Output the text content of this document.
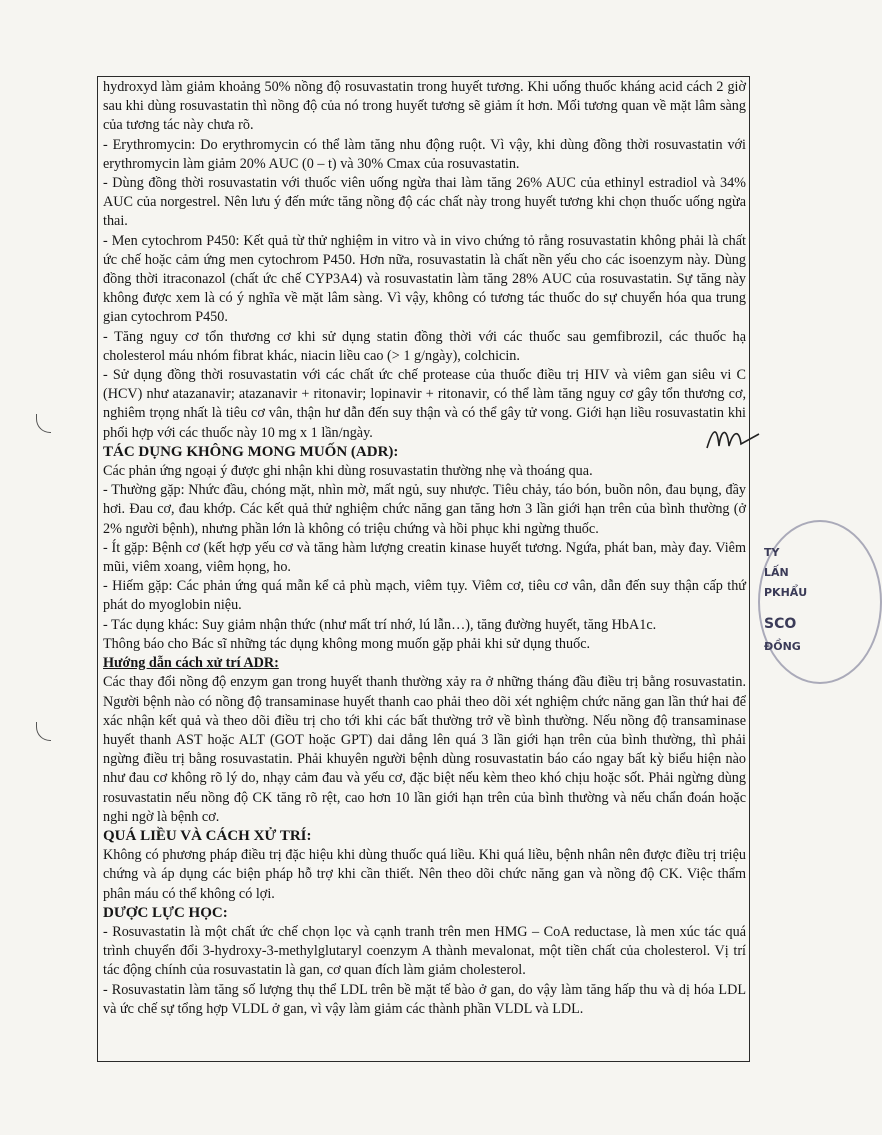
TY
LẤN
PKHẨU
SCO
ĐỒNG

hydroxyd làm giảm khoảng 50% nồng độ rosuvastatin trong huyết tương. Khi uống thuốc kháng acid cách 2 giờ sau khi dùng rosuvastatin thì nồng độ của nó trong huyết tương sẽ giảm ít hơn. Mối tương quan về mặt lâm sàng của tương tác này chưa rõ.

- Erythromycin: Do erythromycin có thể làm tăng nhu động ruột. Vì vậy, khi dùng đồng thời rosuvastatin với erythromycin làm giảm 20% AUC (0 – t) và 30% Cmax của rosuvastatin.

- Dùng đồng thời rosuvastatin với thuốc viên uống ngừa thai làm tăng 26% AUC của ethinyl estradiol và 34% AUC của norgestrel. Nên lưu ý đến mức tăng nồng độ các chất này trong huyết tương khi chọn thuốc uống ngừa thai.

- Men cytochrom P450: Kết quả từ thử nghiệm in vitro và in vivo chứng tỏ rằng rosuvastatin không phải là chất ức chế hoặc cảm ứng men cytochrom P450. Hơn nữa, rosuvastatin là chất nền yếu cho các isoenzym này. Dùng đồng thời itraconazol (chất ức chế CYP3A4) và rosuvastatin làm tăng 28% AUC của rosuvastatin. Sự tăng này không được xem là có ý nghĩa về mặt lâm sàng. Vì vậy, không có tương tác thuốc do sự chuyển hóa qua trung gian cytochrom P450.

- Tăng nguy cơ tổn thương cơ khi sử dụng statin đồng thời với các thuốc sau gemfibrozil, các thuốc hạ cholesterol máu nhóm fibrat khác, niacin liều cao (> 1 g/ngày), colchicin.

- Sử dụng đồng thời rosuvastatin với các chất ức chế protease của thuốc điều trị HIV và viêm gan siêu vi C (HCV) như atazanavir; atazanavir + ritonavir; lopinavir + ritonavir, có thể làm tăng nguy cơ gây tổn thương cơ, nghiêm trọng nhất là tiêu cơ vân, thận hư dẫn đến suy thận và có thể gây tử vong. Giới hạn liều rosuvastatin khi phối hợp với các thuốc này 10 mg x 1 lần/ngày.

TÁC DỤNG KHÔNG MONG MUỐN (ADR):

Các phản ứng ngoại ý được ghi nhận khi dùng rosuvastatin thường nhẹ và thoáng qua.

- Thường gặp: Nhức đầu, chóng mặt, nhìn mờ, mất ngủ, suy nhược. Tiêu chảy, táo bón, buồn nôn, đau bụng, đầy hơi. Đau cơ, đau khớp. Các kết quả thử nghiệm chức năng gan tăng hơn 3 lần giới hạn trên của bình thường (ở 2% người bệnh), nhưng phần lớn là không có triệu chứng và hồi phục khi ngừng thuốc.

- Ít gặp: Bệnh cơ (kết hợp yếu cơ và tăng hàm lượng creatin kinase huyết tương. Ngứa, phát ban, mày đay. Viêm mũi, viêm xoang, viêm họng, ho.

- Hiếm gặp: Các phản ứng quá mẫn kể cả phù mạch, viêm tụy. Viêm cơ, tiêu cơ vân, dẫn đến suy thận cấp thứ phát do myoglobin niệu.

- Tác dụng khác: Suy giảm nhận thức (như mất trí nhớ, lú lẫn…), tăng đường huyết, tăng HbA1c.

Thông báo cho Bác sĩ những tác dụng không mong muốn gặp phải khi sử dụng thuốc.

Hướng dẫn cách xử trí ADR:

Các thay đổi nồng độ enzym gan trong huyết thanh thường xảy ra ở những tháng đầu điều trị bằng rosuvastatin. Người bệnh nào có nồng độ transaminase huyết thanh cao phải theo dõi xét nghiệm chức năng gan lần thứ hai để xác nhận kết quả và theo dõi điều trị cho tới khi các bất thường trở về bình thường. Nếu nồng độ transaminase huyết thanh AST hoặc ALT (GOT hoặc GPT) dai dẳng lên quá 3 lần giới hạn trên của bình thường, thì phải ngừng điều trị bằng rosuvastatin. Phải khuyên người bệnh dùng rosuvastatin báo cáo ngay bất kỳ biểu hiện nào như đau cơ không rõ lý do, nhạy cảm đau và yếu cơ, đặc biệt nếu kèm theo khó chịu hoặc sốt. Phải ngừng dùng rosuvastatin nếu nồng độ CK tăng rõ rệt, cao hơn 10 lần giới hạn trên của bình thường và nếu chẩn đoán hoặc nghi ngờ là bệnh cơ.

QUÁ LIỀU VÀ CÁCH XỬ TRÍ:

Không có phương pháp điều trị đặc hiệu khi dùng thuốc quá liều. Khi quá liều, bệnh nhân nên được điều trị triệu chứng và áp dụng các biện pháp hỗ trợ khi cần thiết. Nên theo dõi chức năng gan và nồng độ CK. Việc thẩm phân máu có thể không có lợi.

DƯỢC LỰC HỌC:

- Rosuvastatin là một chất ức chế chọn lọc và cạnh tranh trên men HMG – CoA reductase, là men xúc tác quá trình chuyển đổi 3-hydroxy-3-methylglutaryl coenzym A thành mevalonat, một tiền chất của cholesterol. Vị trí tác động chính của rosuvastatin là gan, cơ quan đích làm giảm cholesterol.

- Rosuvastatin làm tăng số lượng thụ thể LDL trên bề mặt tế bào ở gan, do vậy làm tăng hấp thu và dị hóa LDL và ức chế sự tổng hợp VLDL ở gan, vì vậy làm giảm các thành phần VLDL và LDL.
